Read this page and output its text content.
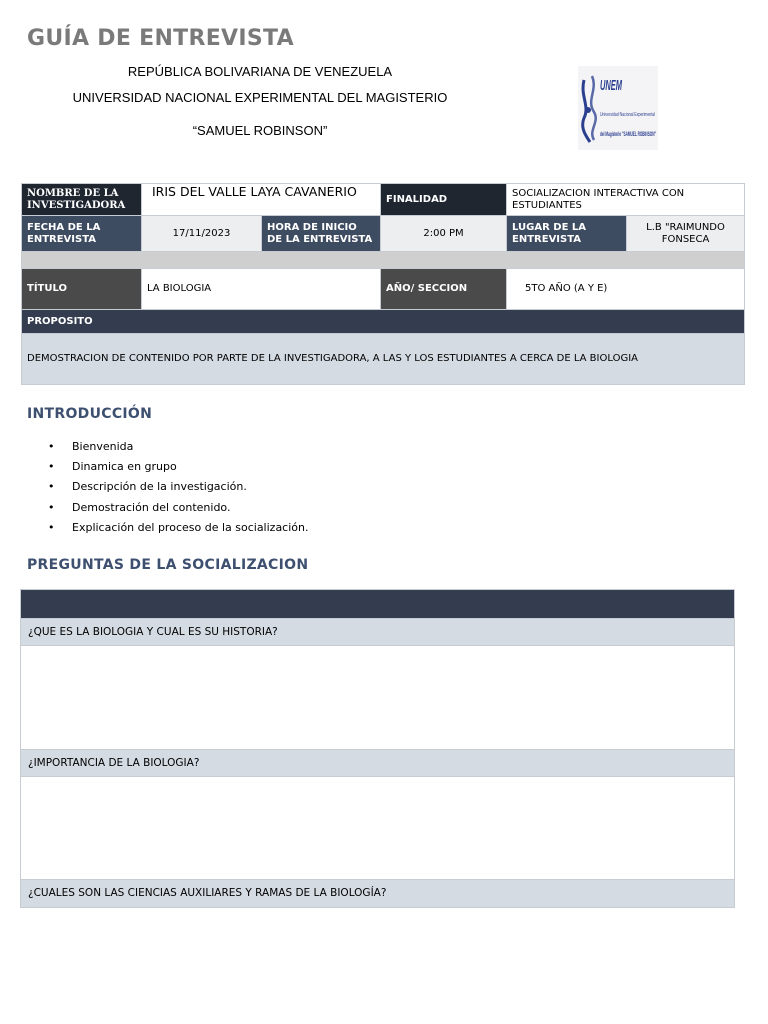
GUÍA DE ENTREVISTA
REPÚBLICA BOLIVARIANA DE VENEZUELA
UNIVERSIDAD NACIONAL EXPERIMENTAL DEL MAGISTERIO
“SAMUEL ROBINSON”
UNEM
Universidad Nacional Experimental
del Magisterio "SAMUEL ROBINSON"
NOMBRE DE LA INVESTIGADORA	IRIS DEL VALLE LAYA CAVANERIO		FINALIDAD	SOCIALIZACION INTERACTIVA CON ESTUDIANTES	
FECHA DE LA ENTREVISTA	17/11/2023	HORA DE INICIO DE LA ENTREVISTA	2:00 PM	LUGAR DE LA ENTREVISTA	L.B "RAIMUNDO FONSECA

TÍTULO	LA BIOLOGIA		AÑO/ SECCION	5TO AÑO (A Y E)	
PROPOSITO					
DEMOSTRACION DE CONTENIDO POR PARTE DE LA INVESTIGADORA, A LAS Y LOS ESTUDIANTES A CERCA DE LA BIOLOGIA					
INTRODUCCIÓN
• Bienvenida
• Dinamica en grupo
• Descripción de la investigación.
• Demostración del contenido.
• Explicación del proceso de la socialización.
PREGUNTAS DE LA SOCIALIZACION
¿QUE ES LA BIOLOGIA Y CUAL ES SU HISTORIA?
¿IMPORTANCIA DE LA BIOLOGIA?
¿CUALES SON LAS CIENCIAS AUXILIARES Y RAMAS DE LA BIOLOGÍA?
